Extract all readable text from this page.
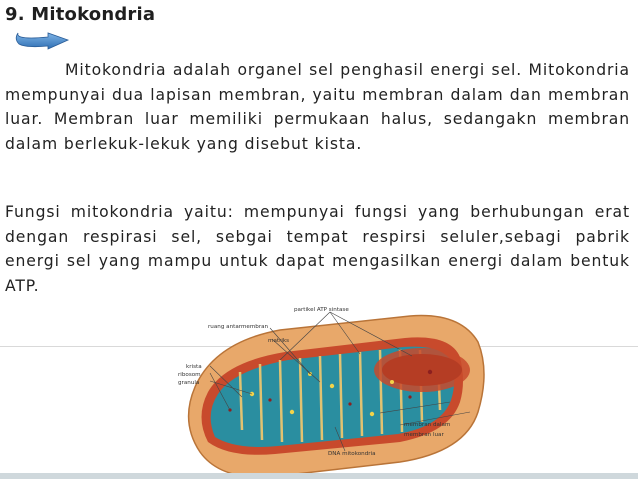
9. Mitokondria
Mitokondria adalah organel sel penghasil energi sel. Mitokondria mempunyai dua lapisan membran, yaitu membran dalam dan membran luar. Membran luar memiliki permukaan halus, sedangakn membran dalam berlekuk-lekuk yang disebut kista.
Fungsi mitokondria yaitu: mempunyai fungsi yang berhubungan erat dengan respirasi sel, sebgai tempat respirsi seluler,sebagi pabrik energi sel yang mampu untuk dapat mengasilkan energi dalam bentuk ATP.
partikel ATP sintase
ruang antarmembran
matriks
krista
ribosom
granula
membran dalam
membran luar
DNA mitokondria
